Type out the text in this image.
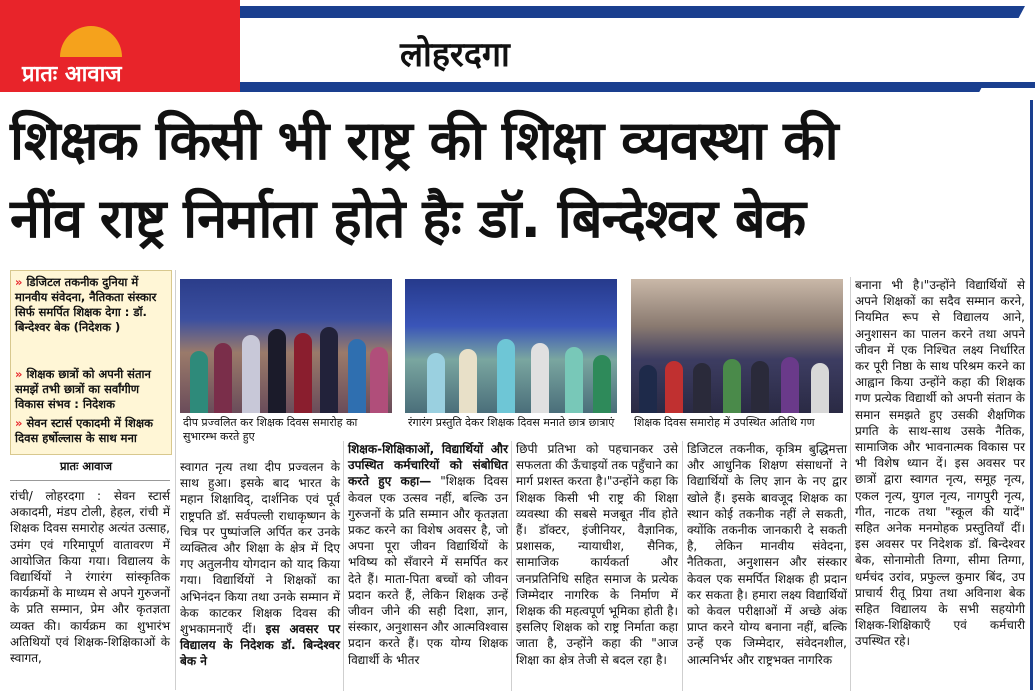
प्रातः आवाज	लोहरदगा
शिक्षक किसी भी राष्ट्र की शिक्षा व्यवस्था की
नींव राष्ट्र निर्माता होते हैः डॉ. बिन्देश्वर बेक
» डिजिटल तकनीक दुनिया में मानवीय संवेदना, नैतिकता संस्कार सिर्फ समर्पित शिक्षक देगा : डॉ. बिन्देश्वर बेक (निदेशक )
» शिक्षक छात्रों को अपनी संतान समझें तभी छात्रों का सर्वांगीण विकास संभव : निदेशक
» सेवन स्टार्स एकादमी में शिक्षक दिवस हर्षोल्लास के साथ मना
प्रातः आवाज
दीप प्रज्वलित कर शिक्षक दिवस समारोह का सुभारम्भ करते हुए
रंगारंग प्रस्तुति देकर शिक्षक दिवस मनाते छात्र छात्राएं	शिक्षक दिवस समारोह में उपस्थित अतिथि गण
रांची/ लोहरदगा : सेवन स्टार्स अकादमी, मंडप टोली, हेहल, रांची में शिक्षक दिवस समारोह अत्यंत उत्साह, उमंग एवं गरिमापूर्ण वातावरण में आयोजित किया गया। विद्यालय के विद्यार्थियों ने रंगारंग सांस्कृतिक कार्यक्रमों के माध्यम से अपने गुरुजनों के प्रति सम्मान, प्रेम और कृतज्ञता व्यक्त की। कार्यक्रम का शुभारंभ अतिथियों एवं शिक्षक-शिक्षिकाओं के स्वागत,
स्वागत नृत्य तथा दीप प्रज्वलन के साथ हुआ। इसके बाद भारत के महान शिक्षाविद्, दार्शनिक एवं पूर्व राष्ट्रपति डॉ. सर्वपल्ली राधाकृष्णन के चित्र पर पुष्पांजलि अर्पित कर उनके व्यक्तित्व और शिक्षा के क्षेत्र में दिए गए अतुलनीय योगदान को याद किया गया। विद्यार्थियों ने शिक्षकों का अभिनंदन किया तथा उनके सम्मान में केक काटकर शिक्षक दिवस की शुभकामनाएँ दीं। इस अवसर पर विद्यालय के निदेशक डॉ. बिन्देश्वर बेक ने
शिक्षक-शिक्षिकाओं, विद्यार्थियों और उपस्थित कर्मचारियों को संबोधित करते हुए कहा— "शिक्षक दिवस केवल एक उत्सव नहीं, बल्कि उन गुरुजनों के प्रति सम्मान और कृतज्ञता प्रकट करने का विशेष अवसर है, जो अपना पूरा जीवन विद्यार्थियों के भविष्य को सँवारने में समर्पित कर देते हैं। माता-पिता बच्चों को जीवन प्रदान करते हैं, लेकिन शिक्षक उन्हें जीवन जीने की सही दिशा, ज्ञान, संस्कार, अनुशासन और आत्मविश्वास प्रदान करते हैं। एक योग्य शिक्षक विद्यार्थी के भीतर
छिपी प्रतिभा को पहचानकर उसे सफलता की ऊँचाइयों तक पहुँचाने का मार्ग प्रशस्त करता है।"उन्होंने कहा कि शिक्षक किसी भी राष्ट्र की शिक्षा व्यवस्था की सबसे मजबूत नींव होते हैं। डॉक्टर, इंजीनियर, वैज्ञानिक, प्रशासक, न्यायाधीश, सैनिक, सामाजिक कार्यकर्ता और जनप्रतिनिधि सहित समाज के प्रत्येक जिम्मेदार नागरिक के निर्माण में शिक्षक की महत्वपूर्ण भूमिका होती है। इसलिए शिक्षक को राष्ट्र निर्माता कहा जाता है, उन्होंने कहा की "आज शिक्षा का क्षेत्र तेजी से बदल रहा है।
डिजिटल तकनीक, कृत्रिम बुद्धिमत्ता और आधुनिक शिक्षण संसाधनों ने विद्यार्थियों के लिए ज्ञान के नए द्वार खोले हैं। इसके बावजूद शिक्षक का स्थान कोई तकनीक नहीं ले सकती, क्योंकि तकनीक जानकारी दे सकती है, लेकिन मानवीय संवेदना, नैतिकता, अनुशासन और संस्कार केवल एक समर्पित शिक्षक ही प्रदान कर सकता है। हमारा लक्ष्य विद्यार्थियों को केवल परीक्षाओं में अच्छे अंक प्राप्त करने योग्य बनाना नहीं, बल्कि उन्हें एक जिम्मेदार, संवेदनशील, आत्मनिर्भर और राष्ट्रभक्त नागरिक
बनाना भी है।"उन्होंने विद्यार्थियों से अपने शिक्षकों का सदैव सम्मान करने, नियमित रूप से विद्यालय आने, अनुशासन का पालन करने तथा अपने जीवन में एक निश्चित लक्ष्य निर्धारित कर पूरी निष्ठा के साथ परिश्रम करने का आह्वान किया उन्होंने कहा की शिक्षक गण प्रत्येक विद्यार्थी को अपनी संतान के समान समझते हुए उसकी शैक्षणिक प्रगति के साथ-साथ उसके नैतिक, सामाजिक और भावनात्मक विकास पर भी विशेष ध्यान दें। इस अवसर पर छात्रों द्वारा स्वागत नृत्य, समूह नृत्य, एकल नृत्य, युगल नृत्य, नागपुरी नृत्य, गीत, नाटक तथा "स्कूल की यादें" सहित अनेक मनमोहक प्रस्तुतियाँ दीं। इस अवसर पर निदेशक डॉ. बिन्देश्वर बेक, सोनामोती तिग्गा, सीमा तिग्गा, धर्मचंद उरांव, प्रफुल्ल कुमार बिंद, उप प्राचार्य रीतू प्रिया तथा अविनाश बेक सहित विद्यालय के सभी सहयोगी शिक्षक-शिक्षिकाएँ एवं कर्मचारी उपस्थित रहे।
